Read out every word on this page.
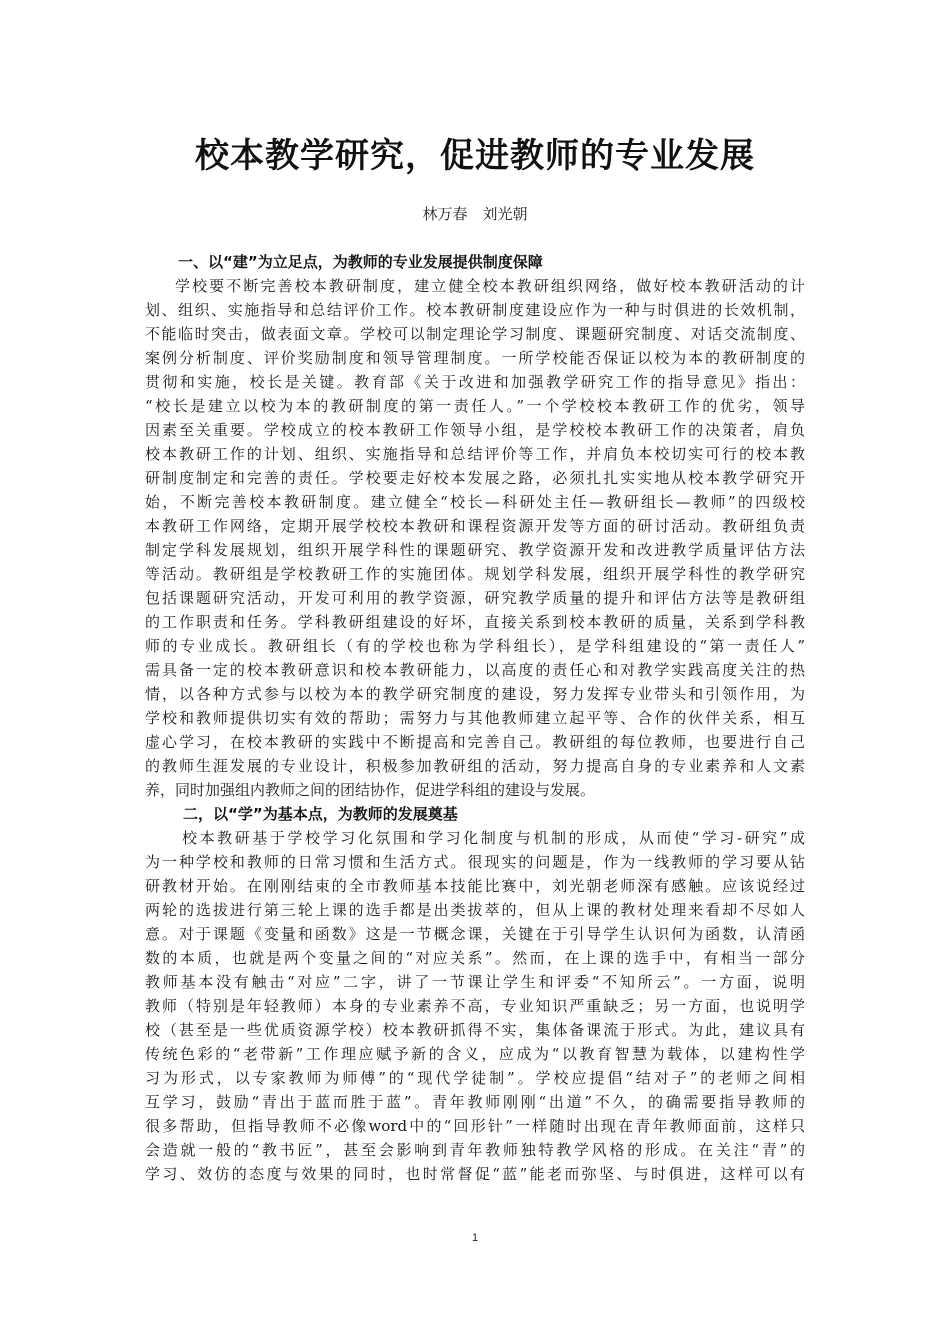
校本教学研究，促进教师的专业发展
林万春　刘光朝
一、以“建”为立足点，为教师的专业发展提供制度保障
学校要不断完善校本教研制度，建立健全校本教研组织网络，做好校本教研活动的计
划、组织、实施指导和总结评价工作。校本教研制度建设应作为一种与时俱进的长效机制，
不能临时突击，做表面文章。学校可以制定理论学习制度、课题研究制度、对话交流制度、
案例分析制度、评价奖励制度和领导管理制度。一所学校能否保证以校为本的教研制度的
贯彻和实施，校长是关键。教育部《关于改进和加强教学研究工作的指导意见》指出：
“校长是建立以校为本的教研制度的第一责任人。”一个学校校本教研工作的优劣，领导
因素至关重要。学校成立的校本教研工作领导小组，是学校校本教研工作的决策者，肩负
校本教研工作的计划、组织、实施指导和总结评价等工作，并肩负本校切实可行的校本教
研制度制定和完善的责任。学校要走好校本发展之路，必须扎扎实实地从校本教学研究开
始，不断完善校本教研制度。建立健全“校长—科研处主任—教研组长—教师”的四级校
本教研工作网络，定期开展学校校本教研和课程资源开发等方面的研讨活动。教研组负责
制定学科发展规划，组织开展学科性的课题研究、教学资源开发和改进教学质量评估方法
等活动。教研组是学校教研工作的实施团体。规划学科发展，组织开展学科性的教学研究
包括课题研究活动，开发可利用的教学资源，研究教学质量的提升和评估方法等是教研组
的工作职责和任务。学科教研组建设的好坏，直接关系到校本教研的质量，关系到学科教
师的专业成长。教研组长（有的学校也称为学科组长），是学科组建设的“第一责任人”
需具备一定的校本教研意识和校本教研能力，以高度的责任心和对教学实践高度关注的热
情，以各种方式参与以校为本的教学研究制度的建设，努力发挥专业带头和引领作用，为
学校和教师提供切实有效的帮助；需努力与其他教师建立起平等、合作的伙伴关系，相互
虚心学习，在校本教研的实践中不断提高和完善自己。教研组的每位教师，也要进行自己
的教师生涯发展的专业设计，积极参加教研组的活动，努力提高自身的专业素养和人文素
养，同时加强组内教师之间的团结协作，促进学科组的建设与发展。
二，以“学”为基本点，为教师的发展奠基
校本教研基于学校学习化氛围和学习化制度与机制的形成，从而使“学习-研究”成
为一种学校和教师的日常习惯和生活方式。很现实的问题是，作为一线教师的学习要从钻
研教材开始。在刚刚结束的全市教师基本技能比赛中，刘光朝老师深有感触。应该说经过
两轮的选拔进行第三轮上课的选手都是出类拔萃的，但从上课的教材处理来看却不尽如人
意。对于课题《变量和函数》这是一节概念课，关键在于引导学生认识何为函数，认清函
数的本质，也就是两个变量之间的“对应关系”。然而，在上课的选手中，有相当一部分
教师基本没有触击“对应”二字，讲了一节课让学生和评委“不知所云”。一方面，说明
教师（特别是年轻教师）本身的专业素养不高，专业知识严重缺乏；另一方面，也说明学
校（甚至是一些优质资源学校）校本教研抓得不实，集体备课流于形式。为此，建议具有
传统色彩的“老带新”工作理应赋予新的含义，应成为“以教育智慧为载体，以建构性学
习为形式，以专家教师为师傅”的“现代学徒制”。学校应提倡“结对子”的老师之间相
互学习，鼓励“青出于蓝而胜于蓝”。青年教师刚刚“出道”不久，的确需要指导教师的
很多帮助，但指导教师不必像word中的“回形针”一样随时出现在青年教师面前，这样只
会造就一般的“教书匠”，甚至会影响到青年教师独特教学风格的形成。在关注“青”的
学习、效仿的态度与效果的同时，也时常督促“蓝”能老而弥坚、与时俱进，这样可以有
1
